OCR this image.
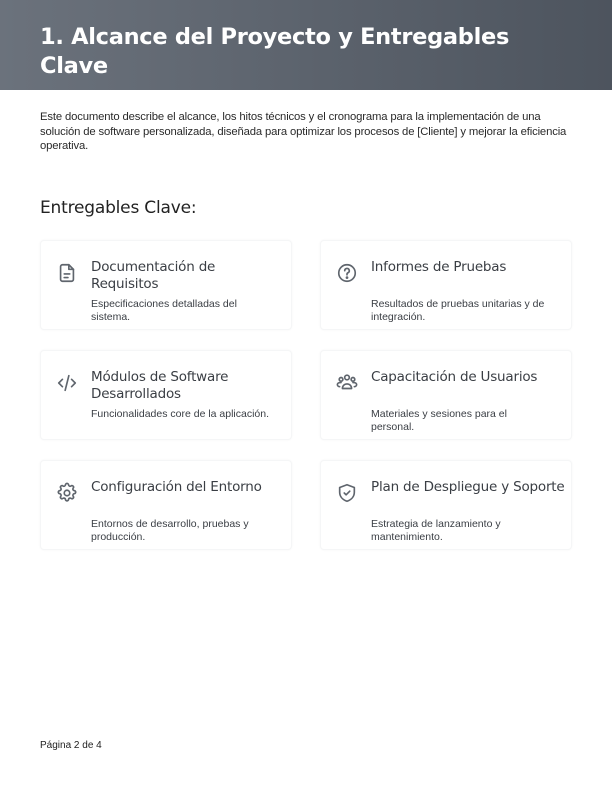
1. Alcance del Proyecto y Entregables Clave

Este documento describe el alcance, los hitos técnicos y el cronograma para la implementación de una solución de software personalizada, diseñada para optimizar los procesos de [Cliente] y mejorar la eficiencia operativa.

Entregables Clave:
Documentación de Requisitos
Especificaciones detalladas del sistema.
Informes de Pruebas
Resultados de pruebas unitarias y de integración.
Módulos de Software Desarrollados
Funcionalidades core de la aplicación.
Capacitación de Usuarios
Materiales y sesiones para el personal.
Configuración del Entorno
Entornos de desarrollo, pruebas y producción.
Plan de Despliegue y Soporte
Estrategia de lanzamiento y mantenimiento.
Página 2 de 4
